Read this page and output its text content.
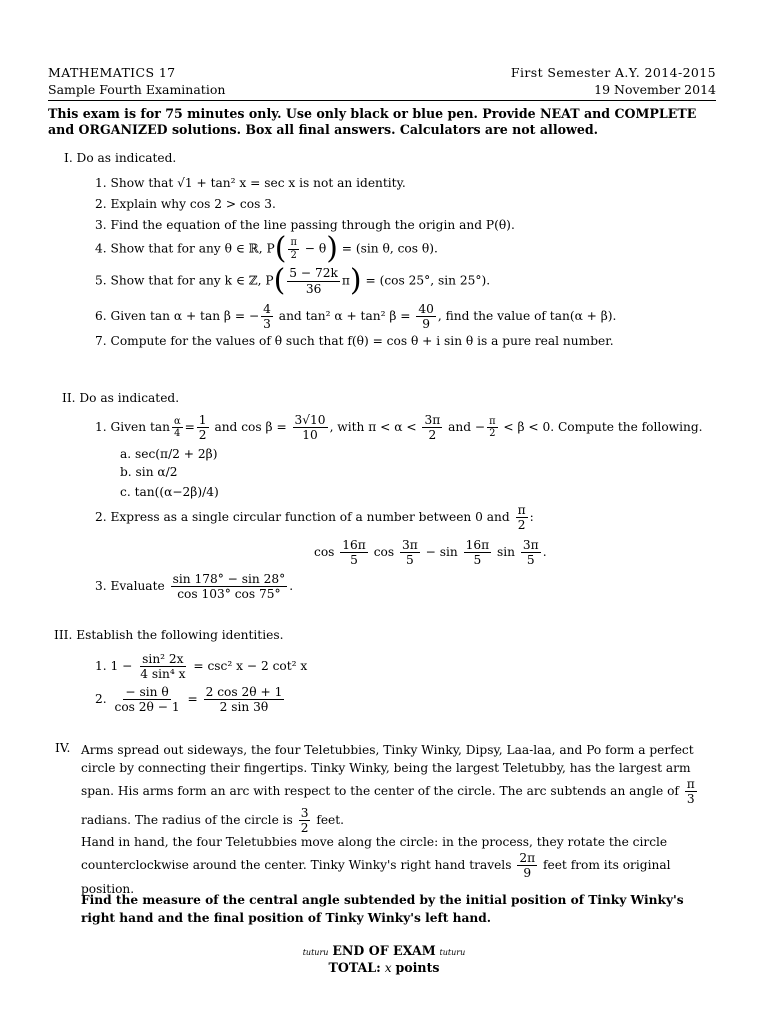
MATHEMATICS 17
Sample Fourth Examination
First Semester A.Y. 2014-2015
19 November 2014
This exam is for 75 minutes only. Use only black or blue pen. Provide NEAT and COMPLETE and ORGANIZED solutions. Box all final answers. Calculators are not allowed.
I. Do as indicated.
1. Show that √1 + tan² x = sec x is not an identity.
2. Explain why cos 2 > cos 3.
3. Find the equation of the line passing through the origin and P(θ).
4. Show that for any θ ∈ ℝ, $P( \frac{\pi}{2} - \theta) = (\sin$ θ, cos θ).
5. Show that for any k ∈ ℤ, $P( \frac{5 - 72k}{36} \pi) = (\cos$ 25°, sin 25°).
6. Given tan α + tan β = − $\frac{4}{3}$ and tan² α + tan² $\beta = \frac{40}{9}$ , find the value of tan(α + β).
7. Compute for the values of θ such that f(θ) = cos θ + i sin θ is a pure real number.
II. Do as indicated.
1. Given $\tan \frac{\alpha}{4} = \frac{1}{2}$ and $\cos \beta = \frac{3√10}{10}$ , with $\pi < \alpha < \frac{3\pi}{2}$ and − $\frac{\pi}{2} < \beta < 0$. Compute the following.
a. sec(π/2 + 2β)
b. sin α/2
c. tan((α−2β)/4)
2. Express as a single circular function of a number between 0 and $\frac{\pi}{2}$ :
$\cos \frac{16\pi}{5}$ $\cos \frac{3\pi}{5} - \sin \frac{16\pi}{5}$ $\sin \frac{3\pi}{5}$ .
3. Evaluate $\frac{\sin 178^\circ - \sin 28^\circ}{\cos 103^\circ \cos 75^\circ}$ .
III. Establish the following identities.
1. $1 - \frac{\text{sin² 2x}}{\text{4 sin⁴ x}} = \csc^2$ x − 2 cot² x
2. $\frac{\text{− sin θ}}{\cos 2\theta - 1} = \frac{2 \cos 2\theta + 1}{2 \sin 3\theta}$
IV. Arms spread out sideways, the four Teletubbies, Tinky Winky, Dipsy, Laa-laa, and Po form a perfect circle by connecting their fingertips. Tinky Winky, being the largest Teletubby, has the largest arm span. His arms form an arc with respect to the center of the circle. The arc subtends an angle of $\frac{\pi}{3}$
radians. The radius of the circle is $\frac{3}{2}$ feet.
Hand in hand, the four Teletubbies move along the circle: in the process, they rotate the circle counterclockwise around the center. Tinky Winky's right hand travels $\frac{2\pi}{9}$ feet from its original position.
Find the measure of the central angle subtended by the initial position of Tinky Winky's right hand and the final position of Tinky Winky's left hand.
tuturu END OF EXAM tuturu
TOTAL: x points
